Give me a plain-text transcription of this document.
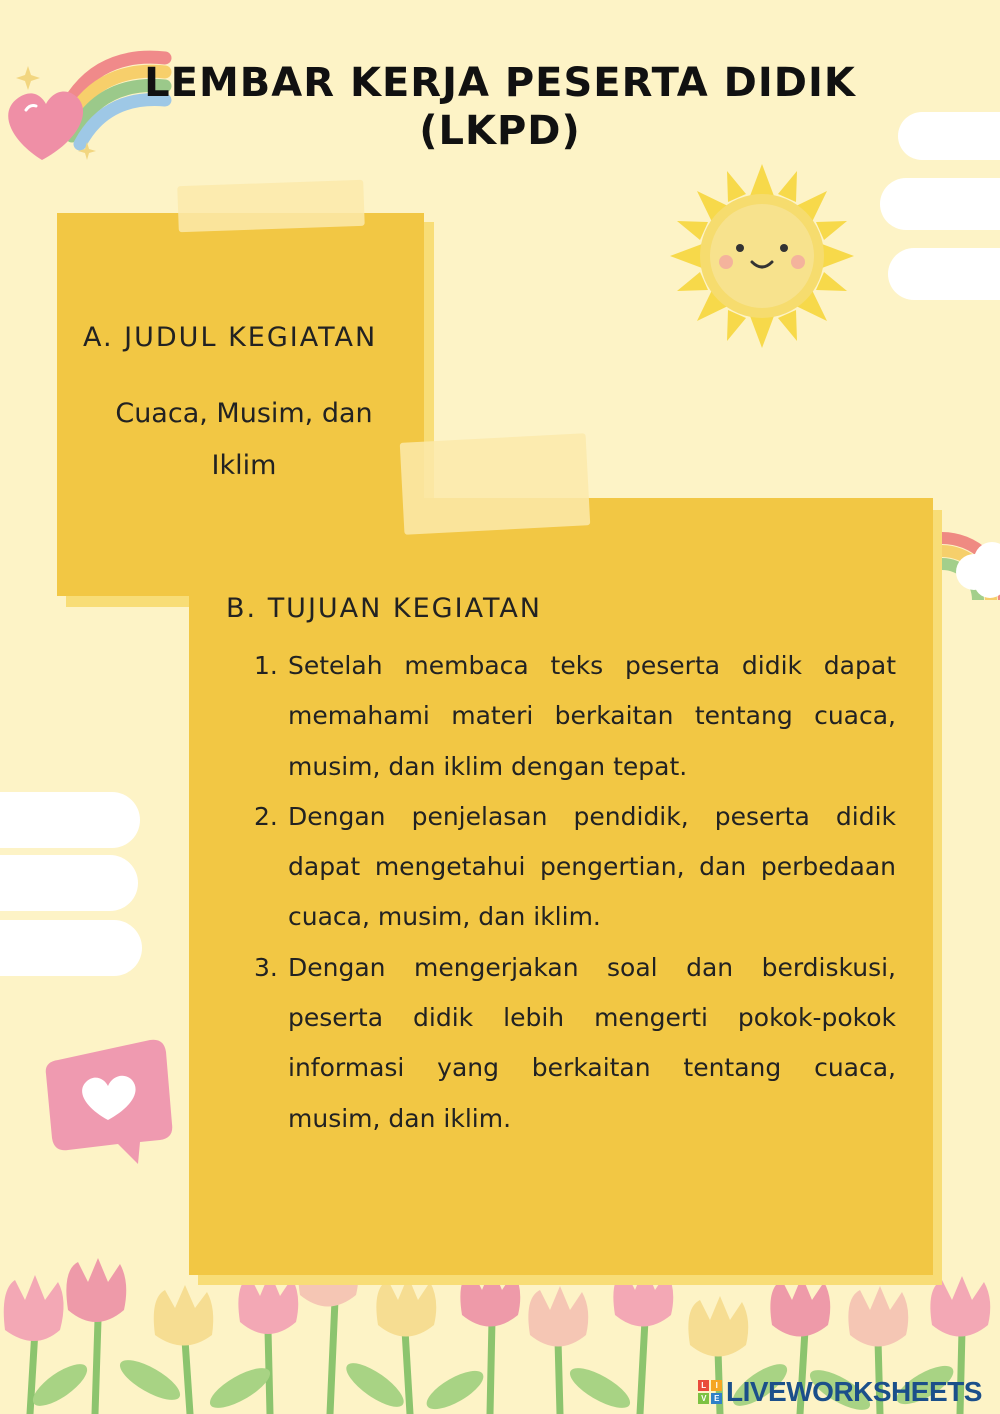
LEMBAR KERJA PESERTA DIDIK
(LKPD)
A. JUDUL KEGIATAN
Cuaca, Musim, dan
Iklim
B. TUJUAN KEGIATAN
1. Setelah membaca teks peserta didik dapat memahami materi berkaitan tentang cuaca, musim, dan iklim dengan tepat.
2. Dengan penjelasan pendidik, peserta didik dapat mengetahui pengertian, dan perbedaan cuaca, musim, dan iklim.
3. Dengan mengerjakan soal dan berdiskusi, peserta didik lebih mengerti pokok-pokok informasi yang berkaitan tentang cuaca, musim, dan iklim.
L	I
V	E LIVEWORKSHEETS
